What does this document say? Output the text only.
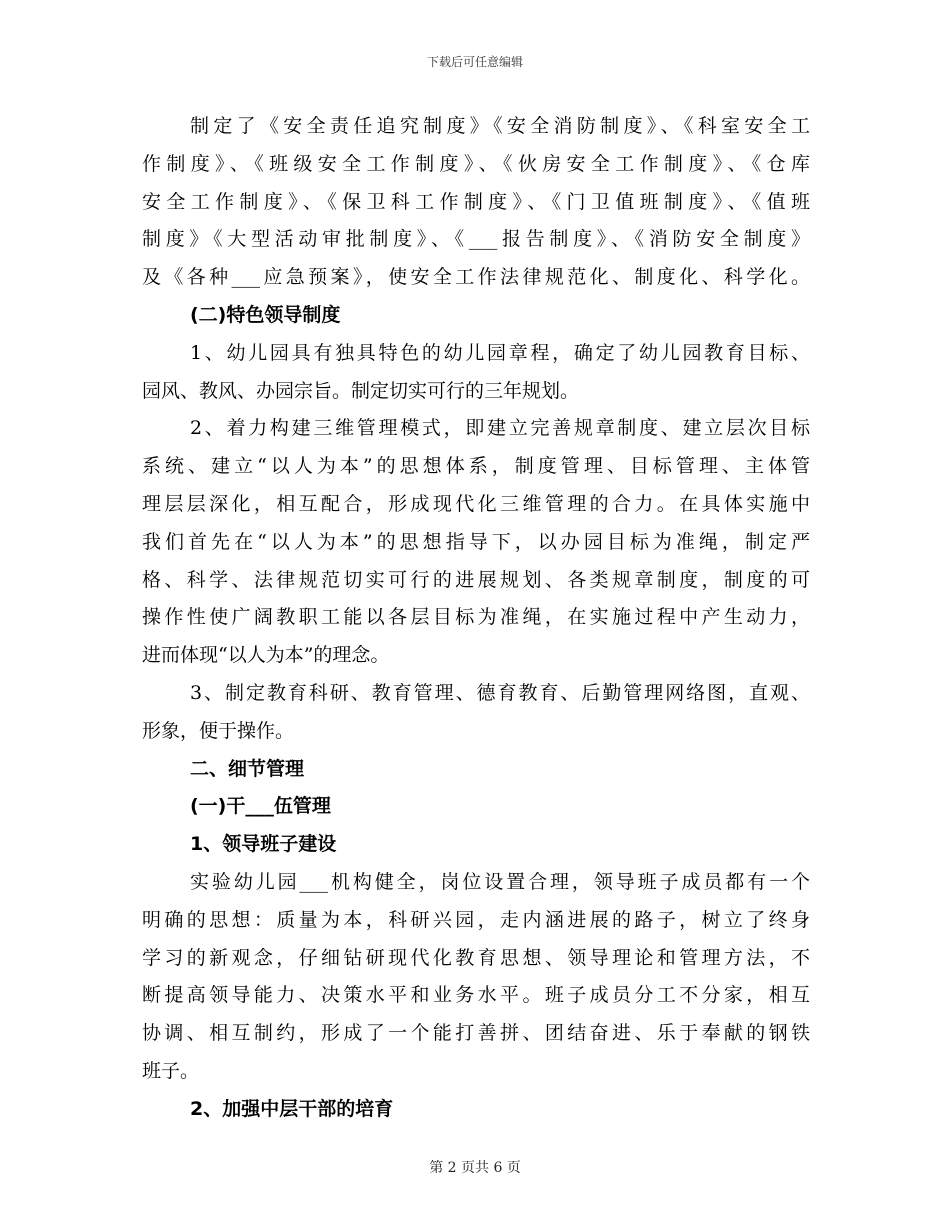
下载后可任意编辑
制定了《安全责任追究制度》《安全消防制度》、《科室安全工
作制度》、《班级安全工作制度》、《伙房安全工作制度》、《仓库
安全工作制度》、《保卫科工作制度》、《门卫值班制度》、《值班
制度》《大型活动审批制度》、《___报告制度》、《消防安全制度》
及《各种___应急预案》，使安全工作法律规范化、制度化、科学化。
(二)特色领导制度
1、幼儿园具有独具特色的幼儿园章程，确定了幼儿园教育目标、
园风、教风、办园宗旨。制定切实可行的三年规划。
2、着力构建三维管理模式，即建立完善规章制度、建立层次目标
系统、建立“以人为本”的思想体系，制度管理、目标管理、主体管
理层层深化，相互配合，形成现代化三维管理的合力。在具体实施中
我们首先在“以人为本”的思想指导下，以办园目标为准绳，制定严
格、科学、法律规范切实可行的进展规划、各类规章制度，制度的可
操作性使广阔教职工能以各层目标为准绳，在实施过程中产生动力，
进而体现“以人为本”的理念。
3、制定教育科研、教育管理、德育教育、后勤管理网络图，直观、
形象，便于操作。
二、细节管理
(一)干___伍管理
1、领导班子建设
实验幼儿园___机构健全，岗位设置合理，领导班子成员都有一个
明确的思想：质量为本，科研兴园，走内涵进展的路子，树立了终身
学习的新观念，仔细钻研现代化教育思想、领导理论和管理方法，不
断提高领导能力、决策水平和业务水平。班子成员分工不分家，相互
协调、相互制约，形成了一个能打善拼、团结奋进、乐于奉献的钢铁
班子。
2、加强中层干部的培育
第 2 页共 6 页
